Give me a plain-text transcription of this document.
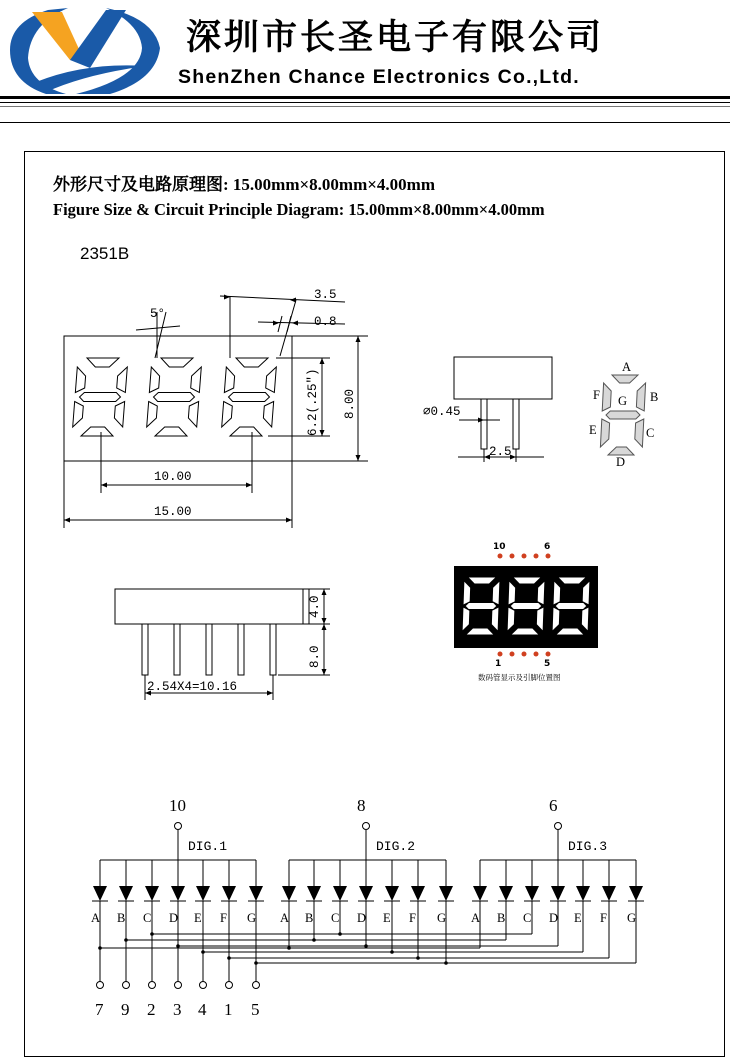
深圳市长圣电子有限公司
ShenZhen Chance Electronics Co.,Ltd.
外形尺寸及电路原理图: 15.00mm×8.00mm×4.00mm
Figure Size & Circuit Principle Diagram: 15.00mm×8.00mm×4.00mm
2351B
15.00
10.00
8.00
6.2(.25")
3.5
0.8
5°
∅0.45
2.5
A
B
C
D
E
F G
4.0
8.0
2.54X4=10.16
10	6
1	5
10
DIG.1
A B C D E F G
8
DIG.2
A B C D E F G
6
DIG.3
A B C D E F G
7 9 2 3 4 1 5
数码管显示及引脚位置图
